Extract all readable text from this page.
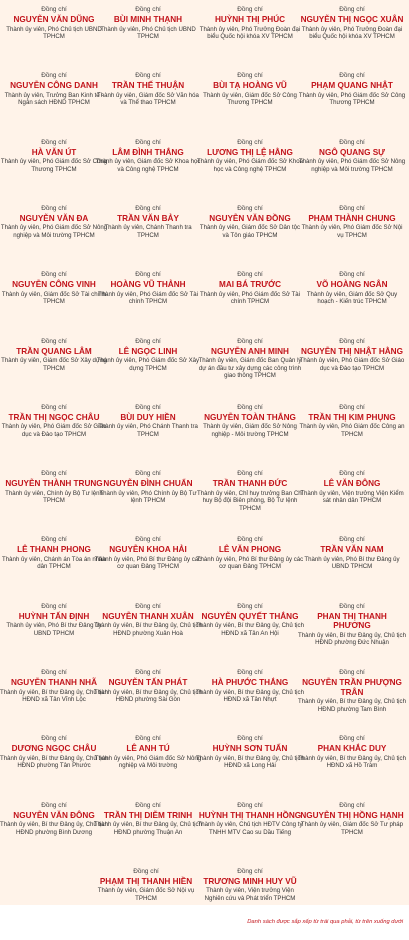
Đồng chí
NGUYỄN VĂN DŨNG
Thành ủy viên, Phó Chủ tịch UBND TPHCM
Đồng chí
BÙI MINH THẠNH
Thành ủy viên, Phó Chủ tịch UBND TPHCM
Đồng chí
HUỲNH THỊ PHÚC
Thành ủy viên, Phó Trưởng Đoàn đại biểu Quốc hội khóa XV TPHCM
Đồng chí
NGUYỄN THỊ NGỌC XUÂN
Thành ủy viên, Phó Trưởng Đoàn đại biểu Quốc hội khóa XV TPHCM
Đồng chí
NGUYỄN CÔNG DANH
Thành ủy viên, Trưởng Ban Kinh tế - Ngân sách HĐND TPHCM
Đồng chí
TRẦN THẾ THUẬN
Thành ủy viên, Giám đốc Sở Văn hóa và Thể thao TPHCM
Đồng chí
BÙI TẠ HOÀNG VŨ
Thành ủy viên, Giám đốc Sở Công Thương TPHCM
Đồng chí
PHẠM QUANG NHẬT
Thành ủy viên, Phó Giám đốc Sở Công Thương TPHCM
Đồng chí
HÀ VĂN ÚT
Thành ủy viên, Phó Giám đốc Sở Công Thương TPHCM
Đồng chí
LÂM ĐÌNH THẮNG
Thành ủy viên, Giám đốc Sở Khoa học và Công nghệ TPHCM
Đồng chí
LƯƠNG THỊ LỆ HẰNG
Thành ủy viên, Phó Giám đốc Sở Khoa học và Công nghệ TPHCM
Đồng chí
NGÔ QUANG SỰ
Thành ủy viên, Phó Giám đốc Sở Nông nghiệp và Môi trường TPHCM
Đồng chí
NGUYỄN VĂN ĐA
Thành ủy viên, Phó Giám đốc Sở Nông nghiệp và Môi trường TPHCM
Đồng chí
TRẦN VĂN BẢY
Thành ủy viên, Chánh Thanh tra TPHCM
Đồng chí
NGUYỄN VĂN ĐỒNG
Thành ủy viên, Giám đốc Sở Dân tộc và Tôn giáo TPHCM
Đồng chí
PHẠM THÀNH CHUNG
Thành ủy viên, Phó Giám đốc Sở Nội vụ TPHCM
Đồng chí
NGUYỄN CÔNG VINH
Thành ủy viên, Giám đốc Sở Tài chính TPHCM
Đồng chí
HOÀNG VŨ THẢNH
Thành ủy viên, Phó Giám đốc Sở Tài chính TPHCM
Đồng chí
MAI BÁ TRƯỚC
Thành ủy viên, Phó Giám đốc Sở Tài chính TPHCM
Đồng chí
VÕ HOÀNG NGÂN
Thành ủy viên, Giám đốc Sở Quy hoạch - Kiến trúc TPHCM
Đồng chí
TRẦN QUANG LÂM
Thành ủy viên, Giám đốc Sở Xây dựng TPHCM
Đồng chí
LÊ NGỌC LINH
Thành ủy viên, Phó Giám đốc Sở Xây dựng TPHCM
Đồng chí
NGUYỄN ANH MINH
Thành ủy viên, Giám đốc Ban Quản lý dự án đầu tư xây dựng các công trình giao thông TPHCM
Đồng chí
NGUYỄN THỊ NHẬT HẰNG
Thành ủy viên, Phó Giám đốc Sở Giáo dục và Đào tạo TPHCM
Đồng chí
TRẦN THỊ NGỌC CHÂU
Thành ủy viên, Phó Giám đốc Sở Giáo dục và Đào tạo TPHCM
Đồng chí
BÙI DUY HIỀN
Thành ủy viên, Phó Chánh Thanh tra TPHCM
Đồng chí
NGUYỄN TOÀN THẮNG
Thành ủy viên, Giám đốc Sở Nông nghiệp - Môi trường TPHCM
Đồng chí
TRẦN THỊ KIM PHỤNG
Thành ủy viên, Phó Giám đốc Công an TPHCM
Đồng chí
NGUYỄN THÀNH TRUNG
Thành ủy viên, Chính ủy Bộ Tư lệnh TPHCM
Đồng chí
NGUYỄN ĐÌNH CHUẨN
Thành ủy viên, Phó Chính ủy Bộ Tư lệnh TPHCM
Đồng chí
TRẦN THANH ĐỨC
Thành ủy viên, Chỉ huy trưởng Ban Chỉ huy Bộ đội Biên phòng, Bộ Tư lệnh TPHCM
Đồng chí
LÊ VĂN ĐÔNG
Thành ủy viên, Viện trưởng Viện Kiểm sát nhân dân TPHCM
Đồng chí
LÊ THANH PHONG
Thành ủy viên, Chánh án Tòa án nhân dân TPHCM
Đồng chí
NGUYỄN KHOA HẢI
Thành ủy viên, Phó Bí thư Đảng ủy các cơ quan Đảng TPHCM
Đồng chí
LÊ VĂN PHONG
Thành ủy viên, Phó Bí thư Đảng ủy các cơ quan Đảng TPHCM
Đồng chí
TRẦN VĂN NAM
Thành ủy viên, Phó Bí thư Đảng ủy UBND TPHCM
Đồng chí
HUỲNH TẤN ĐỊNH
Thành ủy viên, Phó Bí thư Đảng ủy UBND TPHCM
Đồng chí
NGUYỄN THANH XUÂN
Thành ủy viên, Bí thư Đảng ủy, Chủ tịch HĐND phường Xuân Hoà
Đồng chí
NGUYỄN QUYẾT THẮNG
Thành ủy viên, Bí thư Đảng ủy, Chủ tịch HĐND xã Tân An Hội
Đồng chí
PHAN THỊ THANH PHƯƠNG
Thành ủy viên, Bí thư Đảng ủy, Chủ tịch HĐND phường Đức Nhuận
Đồng chí
NGUYỄN THANH NHÃ
Thành ủy viên, Bí thư Đảng ủy, Chủ tịch HĐND xã Tân Vĩnh Lộc
Đồng chí
NGUYỄN TẤN PHÁT
Thành ủy viên, Bí thư Đảng ủy, Chủ tịch HĐND phường Sài Gòn
Đồng chí
HÀ PHƯỚC THẮNG
Thành ủy viên, Bí thư Đảng ủy, Chủ tịch HĐND xã Tân Nhựt
Đồng chí
NGUYỄN TRẦN PHƯỢNG TRÂN
Thành ủy viên, Bí thư Đảng ủy, Chủ tịch HĐND phường Tam Bình
Đồng chí
DƯƠNG NGỌC CHÂU
Thành ủy viên, Bí thư Đảng ủy, Chủ tịch HĐND phường Tân Phước
Đồng chí
LÊ ANH TÚ
Thành ủy viên, Phó Giám đốc Sở Nông nghiệp và Môi trường
Đồng chí
HUỲNH SƠN TUẤN
Thành ủy viên, Bí thư Đảng ủy, Chủ tịch HĐND xã Long Hải
Đồng chí
PHAN KHẮC DUY
Thành ủy viên, Bí thư Đảng ủy, Chủ tịch HĐND xã Hồ Tràm
Đồng chí
NGUYỄN VĂN ĐÔNG
Thành ủy viên, Bí thư Đảng ủy, Chủ tịch HĐND phường Bình Dương
Đồng chí
TRẦN THỊ DIỄM TRINH
Thành ủy viên, Bí thư Đảng ủy, Chủ tịch HĐND phường Thuận An
Đồng chí
HUỲNH THỊ THANH HỒNG
Thành ủy viên, Chủ tịch HĐTV Công ty TNHH MTV Cao su Dầu Tiếng
Đồng chí
NGUYỄN THỊ HỒNG HẠNH
Thành ủy viên, Giám đốc Sở Tư pháp TPHCM
Đồng chí
PHẠM THỊ THANH HIỀN
Thành ủy viên, Giám đốc Sở Nội vụ TPHCM
Đồng chí
TRƯƠNG MINH HUY VŨ
Thành ủy viên, Viện trưởng Viện Nghiên cứu và Phát triển TPHCM
Danh sách được sắp xếp từ trái qua phải, từ trên xuống dưới
